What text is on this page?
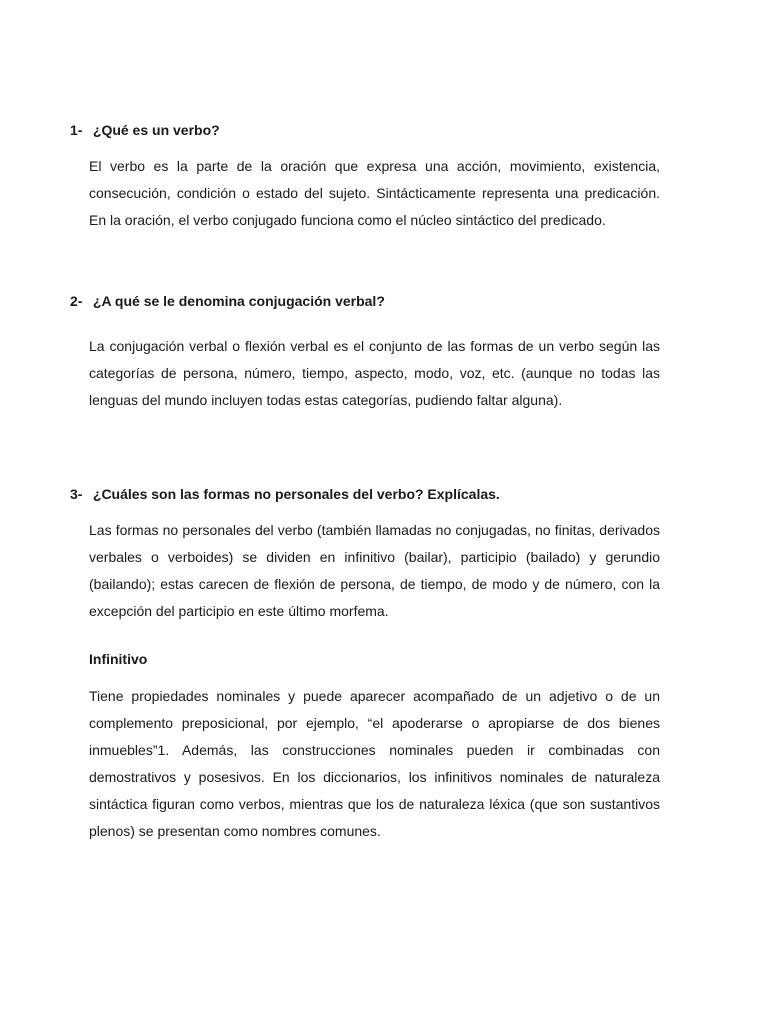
1- ¿Qué es un verbo?

El verbo es la parte de la oración que expresa una acción, movimiento, existencia, consecución, condición o estado del sujeto. Sintácticamente representa una predicación. En la oración, el verbo conjugado funciona como el núcleo sintáctico del predicado.

2- ¿A qué se le denomina conjugación verbal?

La conjugación verbal o flexión verbal es el conjunto de las formas de un verbo según las categorías de persona, número, tiempo, aspecto, modo, voz, etc. (aunque no todas las lenguas del mundo incluyen todas estas categorías, pudiendo faltar alguna).

3- ¿Cuáles son las formas no personales del verbo? Explícalas.

Las formas no personales del verbo (también llamadas no conjugadas, no finitas, derivados verbales o verboides) se dividen en infinitivo (bailar), participio (bailado) y gerundio (bailando); estas carecen de flexión de persona, de tiempo, de modo y de número, con la excepción del participio en este último morfema.

Infinitivo

Tiene propiedades nominales y puede aparecer acompañado de un adjetivo o de un complemento preposicional, por ejemplo, “el apoderarse o apropiarse de dos bienes inmuebles”1. Además, las construcciones nominales pueden ir combinadas con demostrativos y posesivos. En los diccionarios, los infinitivos nominales de naturaleza sintáctica figuran como verbos, mientras que los de naturaleza léxica (que son sustantivos plenos) se presentan como nombres comunes.
